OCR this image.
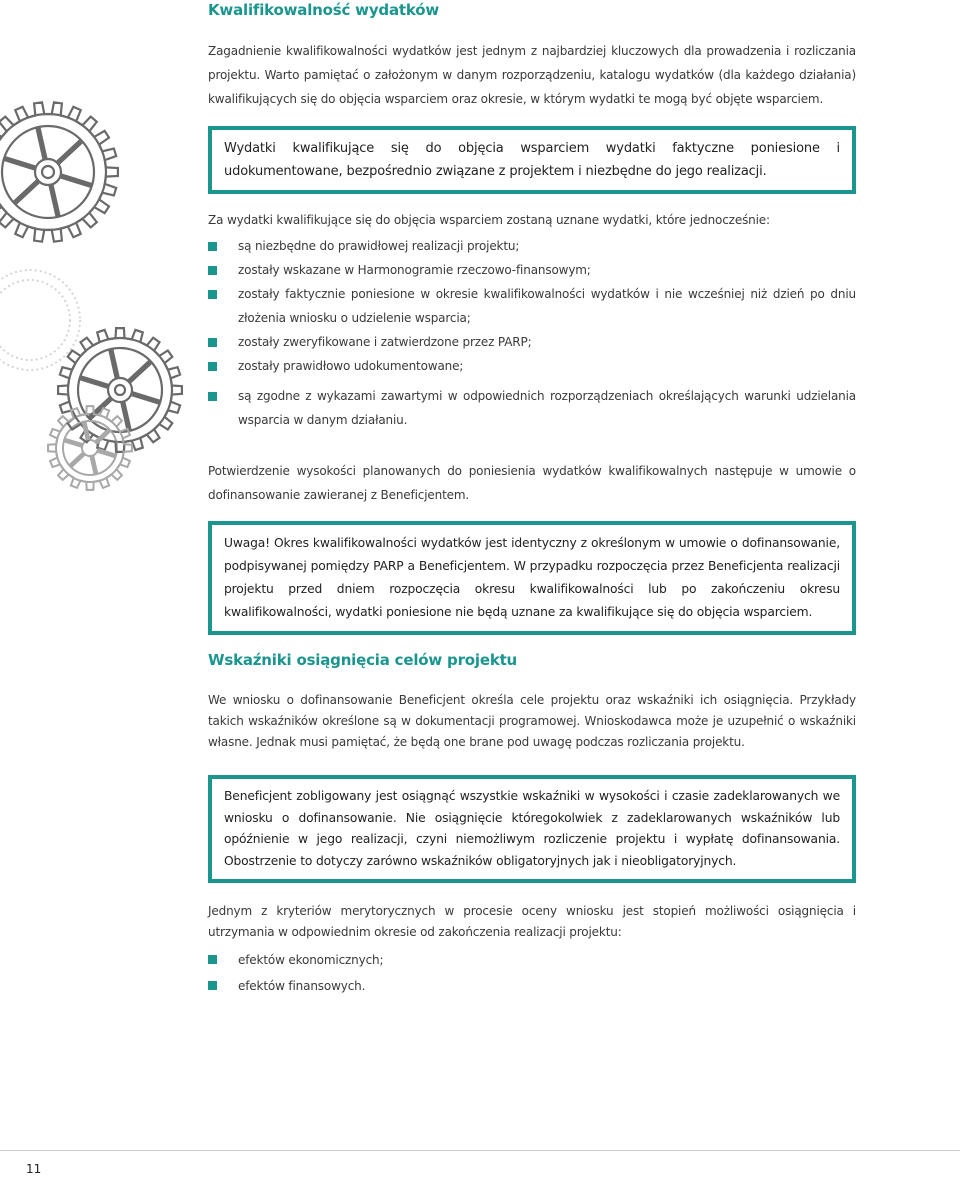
Kwalifikowalność wydatków

Zagadnienie kwalifikowalności wydatków jest jednym z najbardziej kluczowych dla prowadzenia i rozliczania projektu. Warto pamiętać o założonym w danym rozporządzeniu, katalogu wydatków (dla każdego działania) kwalifikujących się do objęcia wsparciem oraz okresie, w którym wydatki te mogą być objęte wsparciem.

Wydatki kwalifikujące się do objęcia wsparciem wydatki faktyczne poniesione i udokumentowane, bezpośrednio związane z projektem i niezbędne do jego realizacji.

Za wydatki kwalifikujące się do objęcia wsparciem zostaną uznane wydatki, które jednocześnie:

są niezbędne do prawidłowej realizacji projektu;
zostały wskazane w Harmonogramie rzeczowo-finansowym;
zostały faktycznie poniesione w okresie kwalifikowalności wydatków i nie wcześniej niż dzień po dniu złożenia wniosku o udzielenie wsparcia;
zostały zweryfikowane i zatwierdzone przez PARP;
zostały prawidłowo udokumentowane;
są zgodne z wykazami zawartymi w odpowiednich rozporządzeniach określających warunki udzielania wsparcia w danym działaniu.

Potwierdzenie wysokości planowanych do poniesienia wydatków kwalifikowalnych następuje w umowie o dofinansowanie zawieranej z Beneficjentem.

Uwaga! Okres kwalifikowalności wydatków jest identyczny z określonym w umowie o dofinansowanie, podpisywanej pomiędzy PARP a Beneficjentem. W przypadku rozpoczęcia przez Beneficjenta realizacji projektu przed dniem rozpoczęcia okresu kwalifikowalności lub po zakończeniu okresu kwalifikowalności, wydatki poniesione nie będą uznane za kwalifikujące się do objęcia wsparciem.

Wskaźniki osiągnięcia celów projektu

We wniosku o dofinansowanie Beneficjent określa cele projektu oraz wskaźniki ich osiągnięcia. Przykłady takich wskaźników określone są w dokumentacji programowej. Wnioskodawca może je uzupełnić o wskaźniki własne. Jednak musi pamiętać, że będą one brane pod uwagę podczas rozliczania projektu.

Beneficjent zobligowany jest osiągnąć wszystkie wskaźniki w wysokości i czasie zadeklarowanych we wniosku o dofinansowanie. Nie osiągnięcie któregokolwiek z zadeklarowanych wskaźników lub opóźnienie w jego realizacji, czyni niemożliwym rozliczenie projektu i wypłatę dofinansowania. Obostrzenie to dotyczy zarówno wskaźników obligatoryjnych jak i nieobligatoryjnych.

Jednym z kryteriów merytorycznych w procesie oceny wniosku jest stopień możliwości osiągnięcia i utrzymania w odpowiednim okresie od zakończenia realizacji projektu:

efektów ekonomicznych;
efektów finansowych.
11
